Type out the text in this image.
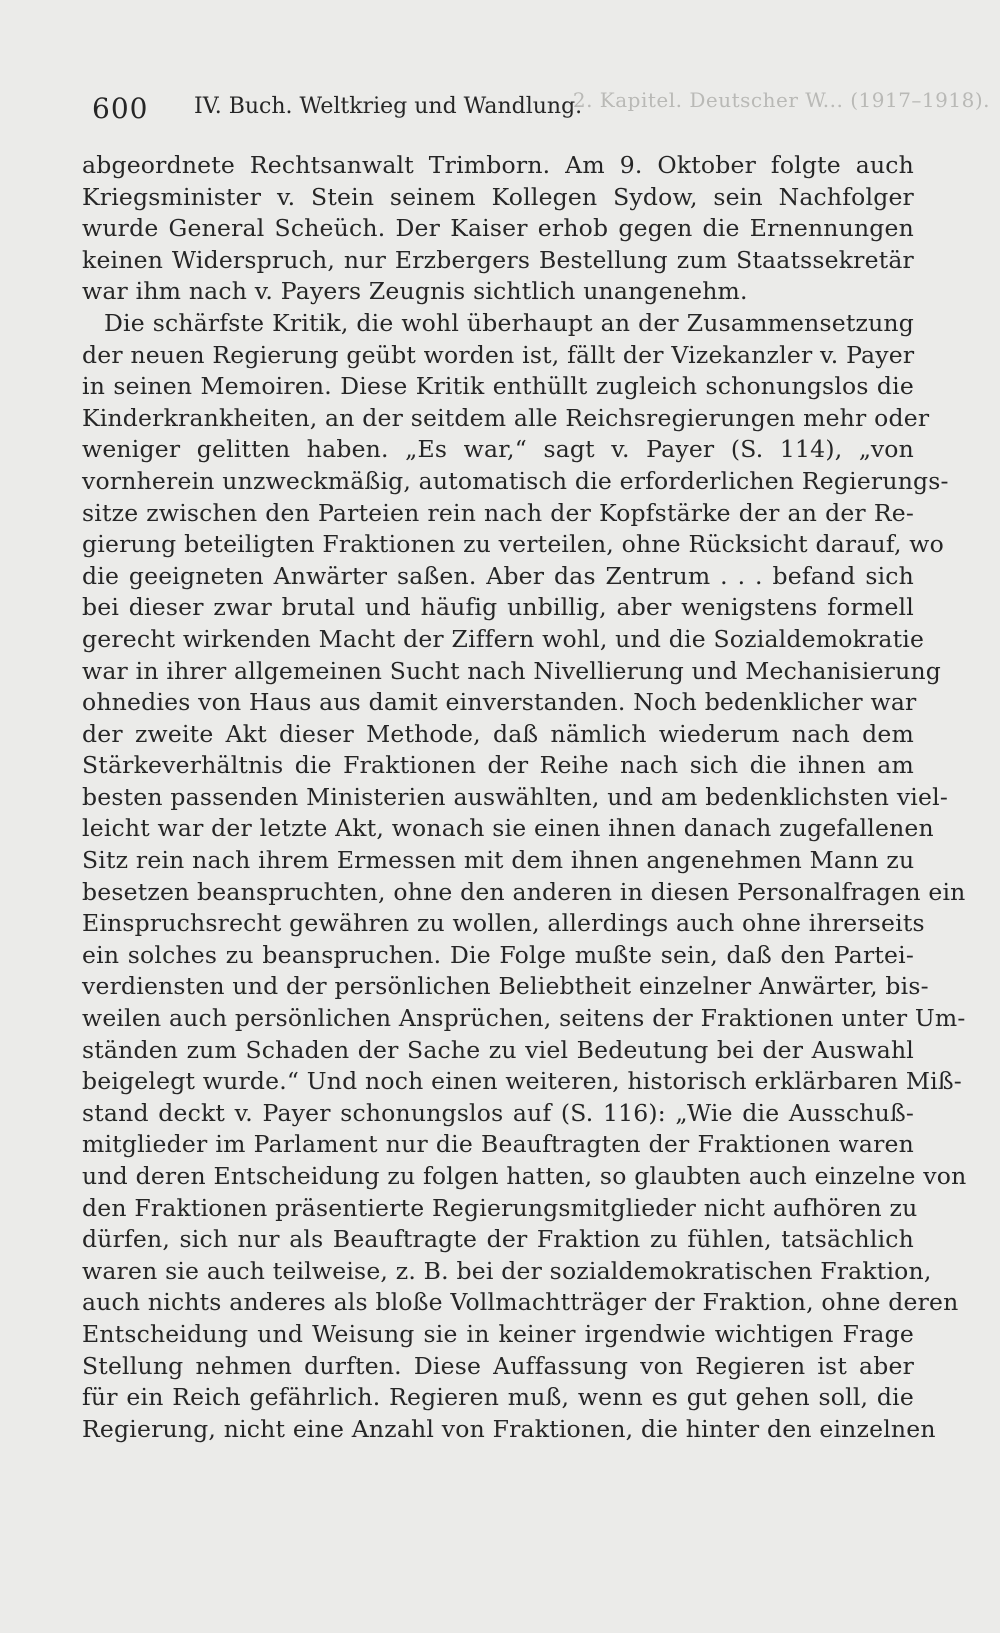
2. Kapitel. Deutscher W... (1917–1918).
600 IV. Buch. Weltkrieg und Wandlung.
abgeordnete Rechtsanwalt Trimborn. Am 9. Oktober folgte auch
Kriegsminister v. Stein seinem Kollegen Sydow, sein Nachfolger
wurde General Scheüch. Der Kaiser erhob gegen die Ernennungen
keinen Widerspruch, nur Erzbergers Bestellung zum Staatssekretär
war ihm nach v. Payers Zeugnis sichtlich unangenehm.
Die schärfste Kritik, die wohl überhaupt an der Zusammensetzung
der neuen Regierung geübt worden ist, fällt der Vizekanzler v. Payer
in seinen Memoiren. Diese Kritik enthüllt zugleich schonungslos die
Kinderkrankheiten, an der seitdem alle Reichsregierungen mehr oder
weniger gelitten haben. „Es war,“ sagt v. Payer (S. 114), „von
vornherein unzweckmäßig, automatisch die erforderlichen Regierungs-
sitze zwischen den Parteien rein nach der Kopfstärke der an der Re-
gierung beteiligten Fraktionen zu verteilen, ohne Rücksicht darauf, wo
die geeigneten Anwärter saßen. Aber das Zentrum . . . befand sich
bei dieser zwar brutal und häufig unbillig, aber wenigstens formell
gerecht wirkenden Macht der Ziffern wohl, und die Sozialdemokratie
war in ihrer allgemeinen Sucht nach Nivellierung und Mechanisierung
ohnedies von Haus aus damit einverstanden. Noch bedenklicher war
der zweite Akt dieser Methode, daß nämlich wiederum nach dem
Stärkeverhältnis die Fraktionen der Reihe nach sich die ihnen am
besten passenden Ministerien auswählten, und am bedenklichsten viel-
leicht war der letzte Akt, wonach sie einen ihnen danach zugefallenen
Sitz rein nach ihrem Ermessen mit dem ihnen angenehmen Mann zu
besetzen beanspruchten, ohne den anderen in diesen Personalfragen ein
Einspruchsrecht gewähren zu wollen, allerdings auch ohne ihrerseits
ein solches zu beanspruchen. Die Folge mußte sein, daß den Partei-
verdiensten und der persönlichen Beliebtheit einzelner Anwärter, bis-
weilen auch persönlichen Ansprüchen, seitens der Fraktionen unter Um-
ständen zum Schaden der Sache zu viel Bedeutung bei der Auswahl
beigelegt wurde.“ Und noch einen weiteren, historisch erklärbaren Miß-
stand deckt v. Payer schonungslos auf (S. 116): „Wie die Ausschuß-
mitglieder im Parlament nur die Beauftragten der Fraktionen waren
und deren Entscheidung zu folgen hatten, so glaubten auch einzelne von
den Fraktionen präsentierte Regierungsmitglieder nicht aufhören zu
dürfen, sich nur als Beauftragte der Fraktion zu fühlen, tatsächlich
waren sie auch teilweise, z. B. bei der sozialdemokratischen Fraktion,
auch nichts anderes als bloße Vollmachtträger der Fraktion, ohne deren
Entscheidung und Weisung sie in keiner irgendwie wichtigen Frage
Stellung nehmen durften. Diese Auffassung von Regieren ist aber
für ein Reich gefährlich. Regieren muß, wenn es gut gehen soll, die
Regierung, nicht eine Anzahl von Fraktionen, die hinter den einzelnen
